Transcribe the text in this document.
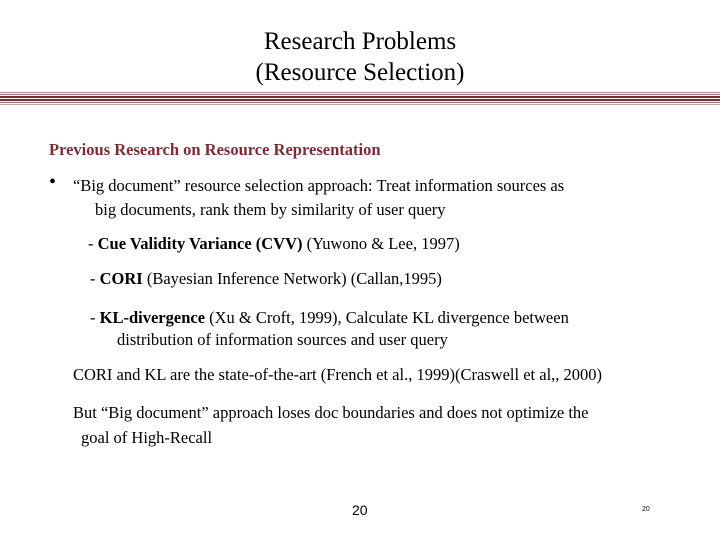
Research Problems
(Resource Selection)
Previous Research on Resource Representation
• “Big document” resource selection approach: Treat information sources as
big documents, rank them by similarity of user query
- Cue Validity Variance (CVV) (Yuwono & Lee, 1997)
- CORI (Bayesian Inference Network) (Callan,1995)
- KL-divergence (Xu & Croft, 1999), Calculate KL divergence between
distribution of information sources and user query
CORI and KL are the state-of-the-art (French et al., 1999)(Craswell et al,, 2000)
But “Big document” approach loses doc boundaries and does not optimize the
goal of High-Recall
20	20
